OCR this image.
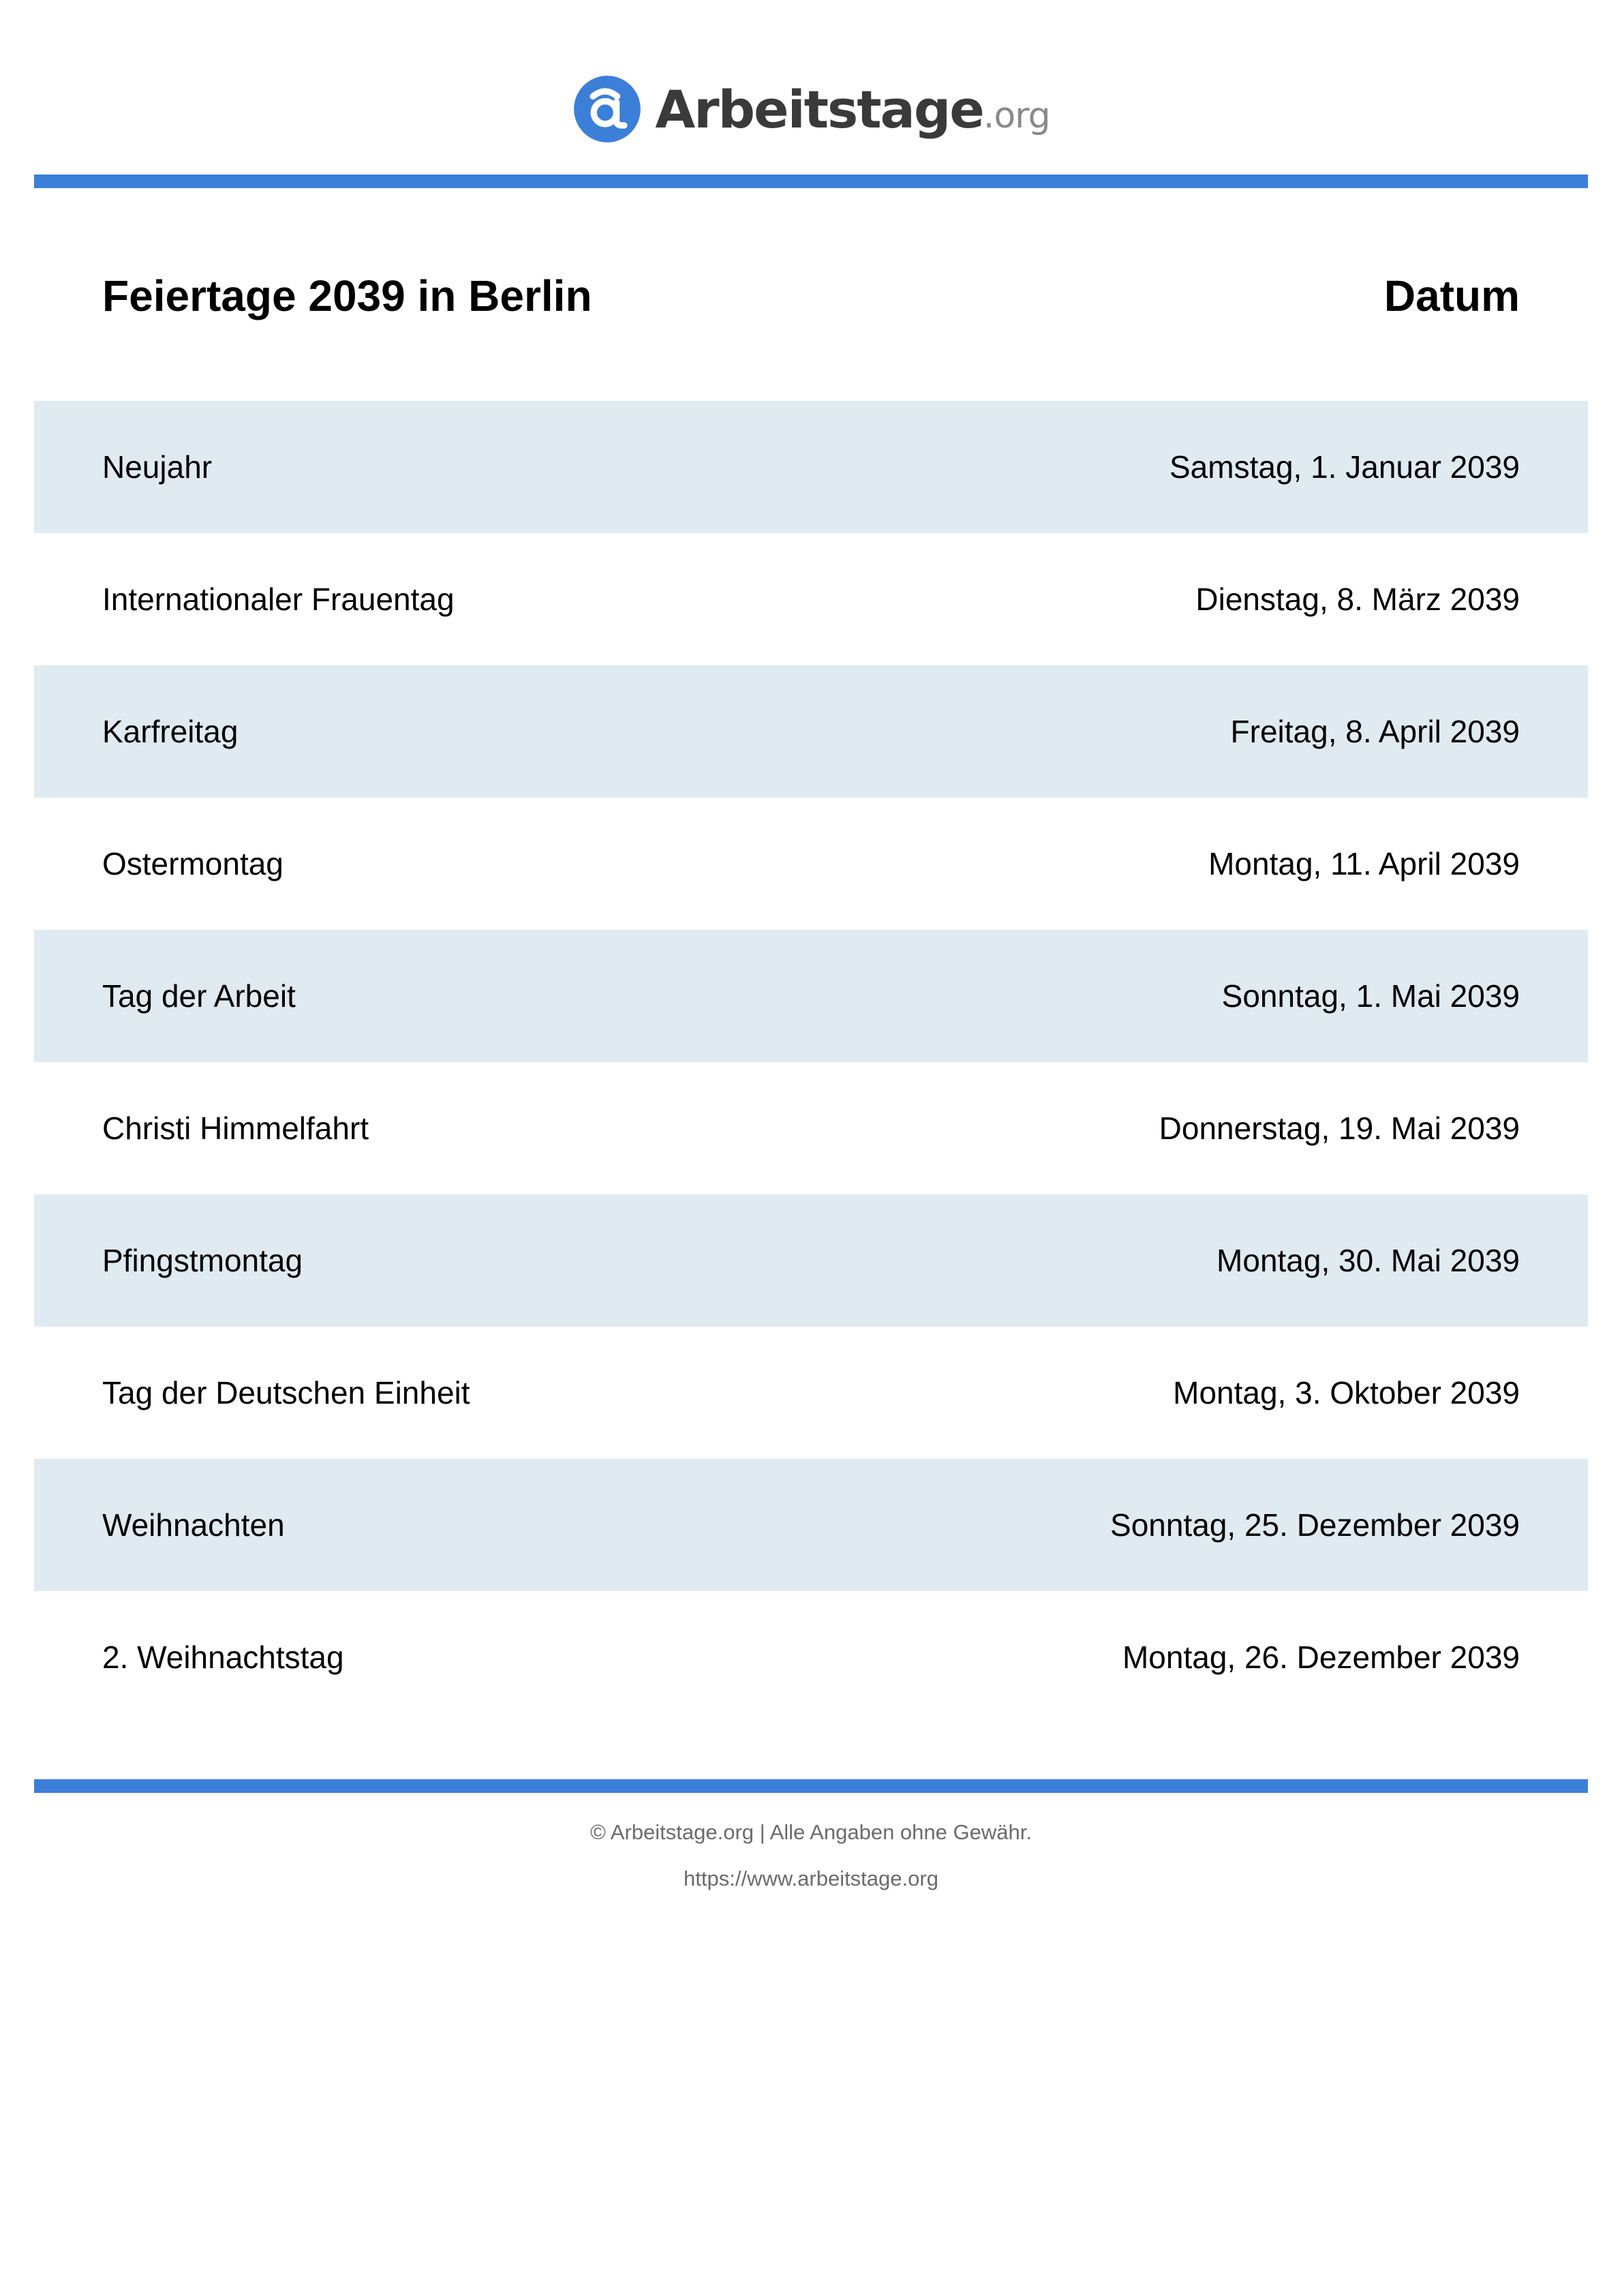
Arbeitstage .org
Feiertage 2039 in Berlin	Datum
Neujahr	Samstag, 1. Januar 2039
Internationaler Frauentag	Dienstag, 8. März 2039
Karfreitag	Freitag, 8. April 2039
Ostermontag	Montag, 11. April 2039
Tag der Arbeit	Sonntag, 1. Mai 2039
Christi Himmelfahrt	Donnerstag, 19. Mai 2039
Pfingstmontag	Montag, 30. Mai 2039
Tag der Deutschen Einheit	Montag, 3. Oktober 2039
Weihnachten	Sonntag, 25. Dezember 2039
2. Weihnachtstag	Montag, 26. Dezember 2039
© Arbeitstage.org | Alle Angaben ohne Gewähr.
https://www.arbeitstage.org
